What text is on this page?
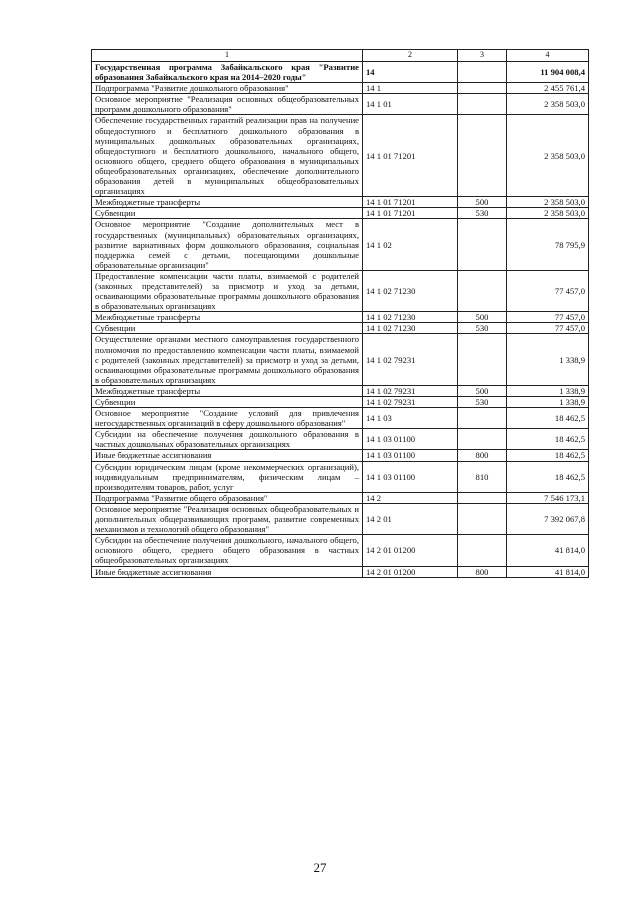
1	2	3	4
Государственная программа Забайкальского края "Развитие образования Забайкальского края на 2014–2020 годы"	14		11 904 008,4
Подпрограмма "Развитие дошкольного образования"	14 1		2 455 761,4
Основное мероприятие "Реализация основных общеобразовательных программ дошкольного образования"	14 1 01		2 358 503,0
Обеспечение государственных гарантий реализации прав на получение общедоступного и бесплатного дошкольного образования в муниципальных дошкольных образовательных организациях, общедоступного и бесплатного дошкольного, начального общего, основного общего, среднего общего образования в муниципальных общеобразовательных организациях, обеспечение дополнительного образования детей в муниципальных общеобразовательных организациях	14 1 01 71201		2 358 503,0
Межбюджетные трансферты	14 1 01 71201	500	2 358 503,0
Субвенции	14 1 01 71201	530	2 358 503,0
Основное мероприятие "Создание дополнительных мест в государственных (муниципальных) образовательных организациях, развитие вариативных форм дошкольного образования, социальная поддержка семей с детьми, посещающими дошкольные образовательные организации"	14 1 02		78 795,9
Предоставление компенсации части платы, взимаемой с родителей (законных представителей) за присмотр и уход за детьми, осваивающими образовательные программы дошкольного образования в образовательных организациях	14 1 02 71230		77 457,0
Межбюджетные трансферты	14 1 02 71230	500	77 457,0
Субвенции	14 1 02 71230	530	77 457,0
Осуществление органами местного самоуправления государственного полномочия по предоставлению компенсации части платы, взимаемой с родителей (законных представителей) за присмотр и уход за детьми, осваивающими образовательные программы дошкольного образования в образовательных организациях	14 1 02 79231		1 338,9
Межбюджетные трансферты	14 1 02 79231	500	1 338,9
Субвенции	14 1 02 79231	530	1 338,9
Основное мероприятие "Создание условий для привлечения негосударственных организаций в сферу дошкольного образования"	14 1 03		18 462,5
Субсидии на обеспечение получения дошкольного образования в частных дошкольных образовательных организациях	14 1 03 01100		18 462,5
Иные бюджетные ассигнования	14 1 03 01100	800	18 462,5
Субсидии юридическим лицам (кроме некоммерческих организаций), индивидуальным предпринимателям, физическим лицам – производителям товаров, работ, услуг	14 1 03 01100	810	18 462,5
Подпрограмма "Развитие общего образования"	14 2		7 546 173,1
Основное мероприятие "Реализация основных общеобразовательных и дополнительных общеразвивающих программ, развитие современных механизмов и технологий общего образования"	14 2 01		7 392 067,8
Субсидии на обеспечение получения дошкольного, начального общего, основного общего, среднего общего образования в частных общеобразовательных организациях	14 2 01 01200		41 814,0
Иные бюджетные ассигнования	14 2 01 01200	800	41 814,0
27
